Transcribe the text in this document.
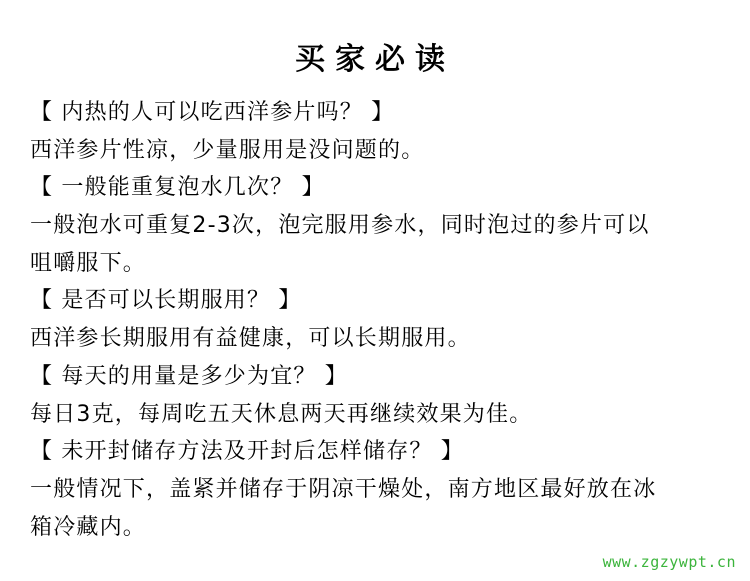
买家必读
【 内热的人可以吃西洋参片吗？ 】
西洋参片性凉，少量服用是没问题的。
【 一般能重复泡水几次？ 】
一般泡水可重复2-3次，泡完服用参水，同时泡过的参片可以
咀嚼服下。
【 是否可以长期服用？ 】
西洋参长期服用有益健康，可以长期服用。
【 每天的用量是多少为宜？ 】
每日3克，每周吃五天休息两天再继续效果为佳。
【 未开封储存方法及开封后怎样储存？ 】
一般情况下，盖紧并储存于阴凉干燥处，南方地区最好放在冰
箱冷藏内。
www.zgzywpt.cn
